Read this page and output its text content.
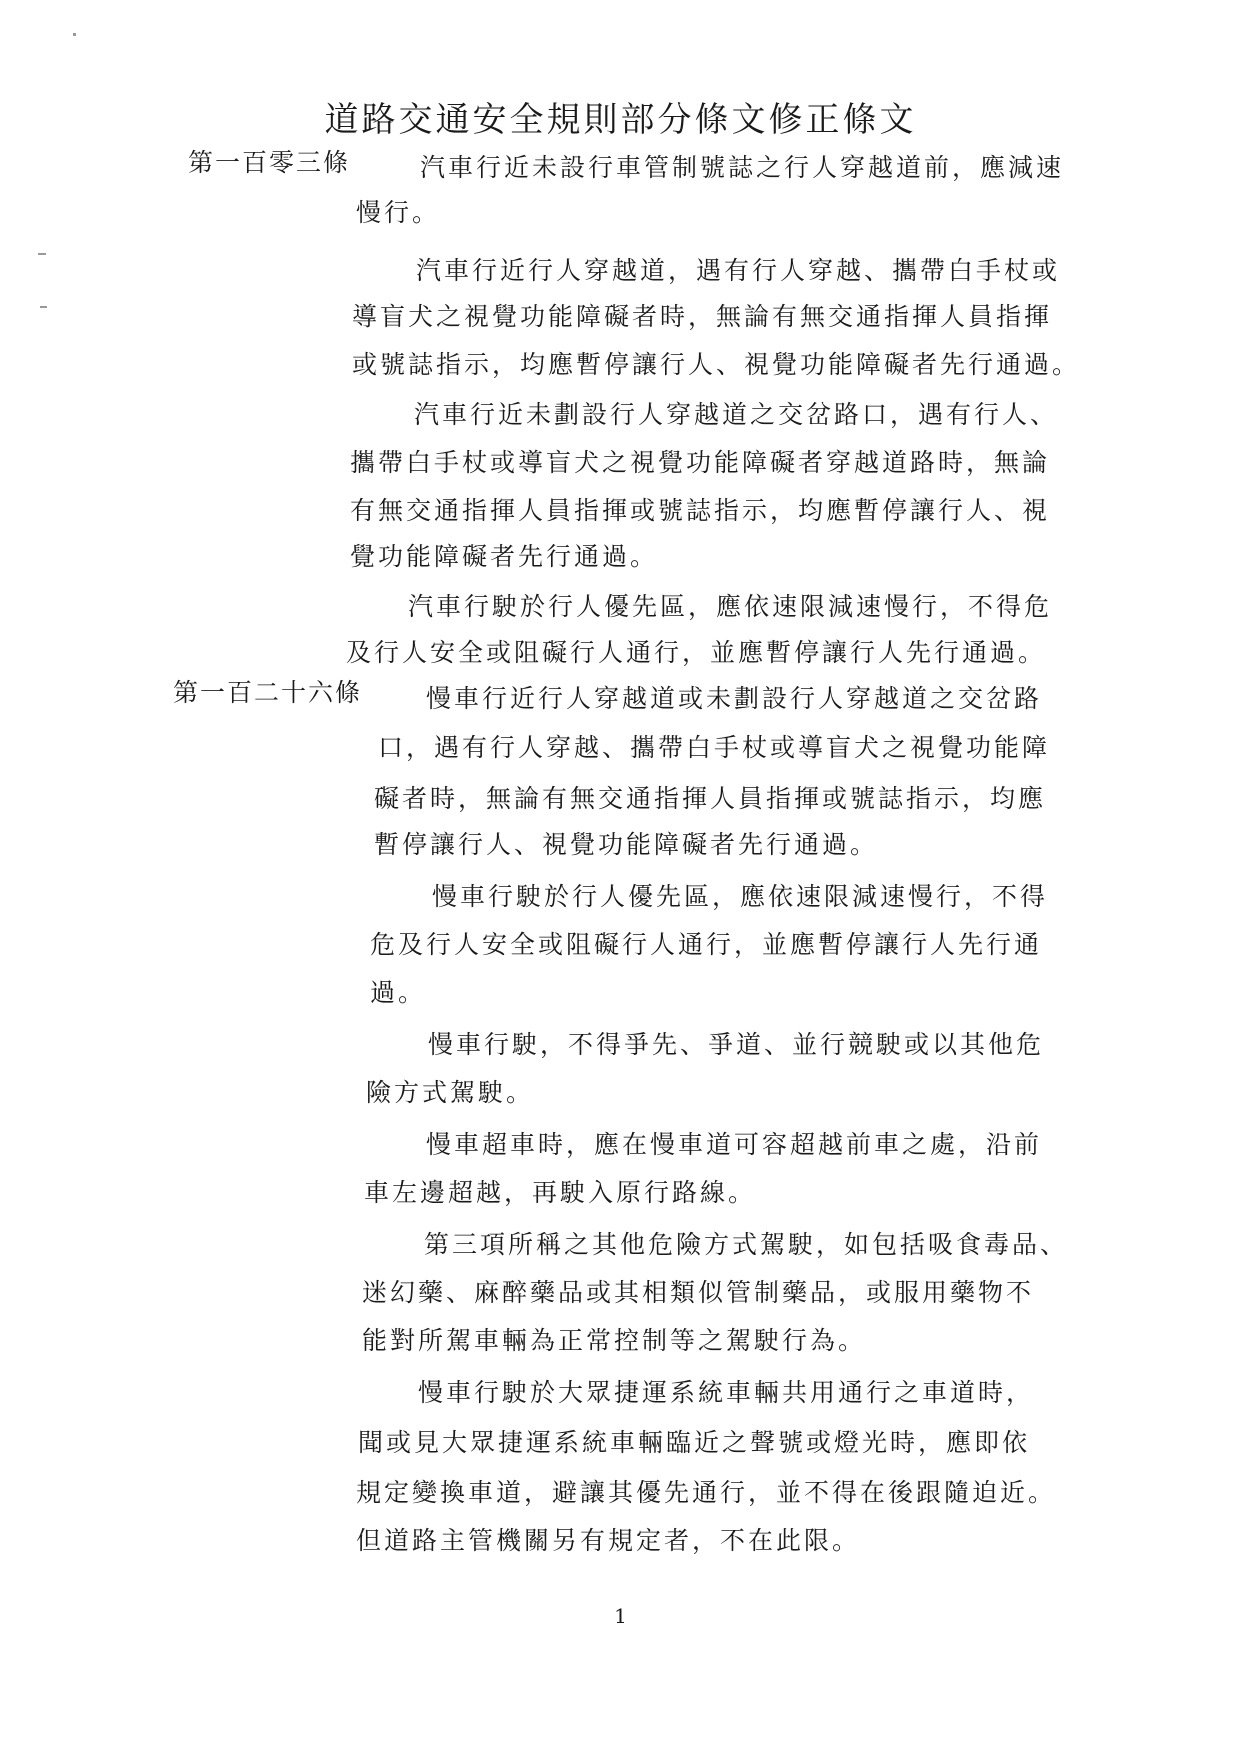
道路交通安全規則部分條文修正條文
第一百零三條	汽車行近未設行車管制號誌之行人穿越道前，應減速
慢行。
汽車行近行人穿越道，遇有行人穿越、攜帶白手杖或
導盲犬之視覺功能障礙者時，無論有無交通指揮人員指揮
或號誌指示，均應暫停讓行人、視覺功能障礙者先行通過。
汽車行近未劃設行人穿越道之交岔路口，遇有行人、
攜帶白手杖或導盲犬之視覺功能障礙者穿越道路時，無論
有無交通指揮人員指揮或號誌指示，均應暫停讓行人、視
覺功能障礙者先行通過。
汽車行駛於行人優先區，應依速限減速慢行，不得危
及行人安全或阻礙行人通行，並應暫停讓行人先行通過。
第一百二十六條	慢車行近行人穿越道或未劃設行人穿越道之交岔路
口，遇有行人穿越、攜帶白手杖或導盲犬之視覺功能障
礙者時，無論有無交通指揮人員指揮或號誌指示，均應
暫停讓行人、視覺功能障礙者先行通過。
慢車行駛於行人優先區，應依速限減速慢行，不得
危及行人安全或阻礙行人通行，並應暫停讓行人先行通
過。
慢車行駛，不得爭先、爭道、並行競駛或以其他危
險方式駕駛。
慢車超車時，應在慢車道可容超越前車之處，沿前
車左邊超越，再駛入原行路線。
第三項所稱之其他危險方式駕駛，如包括吸食毒品、
迷幻藥、麻醉藥品或其相類似管制藥品，或服用藥物不
能對所駕車輛為正常控制等之駕駛行為。
慢車行駛於大眾捷運系統車輛共用通行之車道時，
聞或見大眾捷運系統車輛臨近之聲號或燈光時，應即依
規定變換車道，避讓其優先通行，並不得在後跟隨迫近。
但道路主管機關另有規定者，不在此限。
1
